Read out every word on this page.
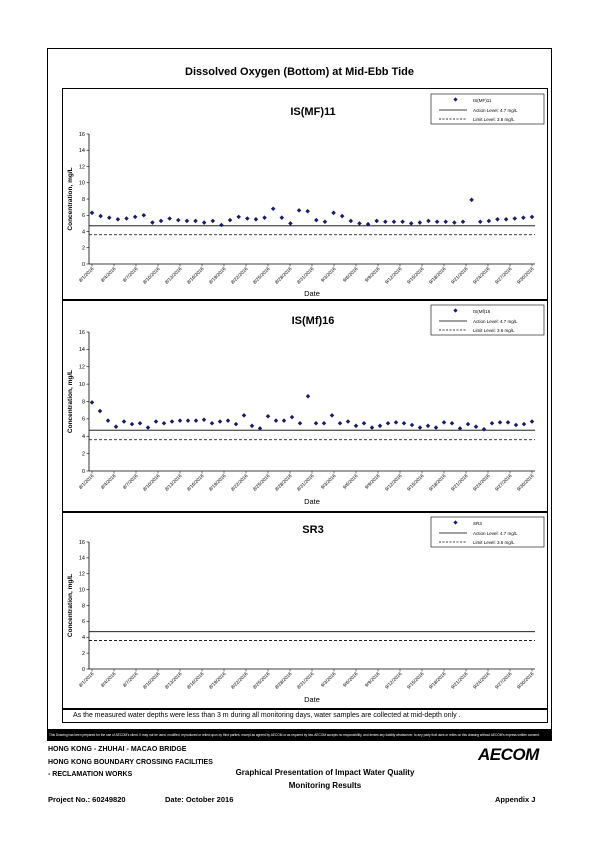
Dissolved Oxygen (Bottom) at Mid-Ebb Tide
IS(MF)11
IS(MF)11
Action Level: 4.7 mg/L
Limit Level: 3.6 mg/L
0
2
4
6
8
10
12
14
16
Concentration, mg/L
8/1/2016 8/4/2016 8/7/2016 8/10/2016 8/13/2016 8/16/2016 8/19/2016 8/22/2016 8/25/2016 8/28/2016 8/31/2016 9/3/2016 9/6/2016 9/9/2016 9/12/2016 9/15/2016 9/18/2016 9/21/2016 9/24/2016 9/27/2016 9/30/2016
Date
IS(Mf)16
IS(Mf)16
Action Level: 4.7 mg/L
Limit Level: 3.6 mg/L
0
2
4
6
8
10
12
14
16
Concentration, mg/L
8/1/2016 8/4/2016 8/7/2016 8/10/2016 8/13/2016 8/16/2016 8/19/2016 8/22/2016 8/25/2016 8/28/2016 8/31/2016 9/3/2016 9/6/2016 9/9/2016 9/12/2016 9/15/2016 9/18/2016 9/21/2016 9/24/2016 9/27/2016 9/30/2016
Date
SR3
SR3
Action Level: 4.7 mg/L
Limit Level: 3.6 mg/L
0
2
4
6
8
10
12
14
16
Concentration, mg/L
8/1/2016 8/4/2016 8/7/2016 8/10/2016 8/13/2016 8/16/2016 8/19/2016 8/22/2016 8/25/2016 8/28/2016 8/31/2016 9/3/2016 9/6/2016 9/9/2016 9/12/2016 9/15/2016 9/18/2016 9/21/2016 9/24/2016 9/27/2016 9/30/2016
Date
As the measured water depths were less than 3 m during all monitoring days, water samples are collected at mid-depth only .
This Drawing has been prepared for the use of AECOM's client. It may not be used, modified, reproduced or relied upon by third parties, except as agreed by AECOM or as required by law. AECOM accepts no responsibility, and denies any liability whatsoever, to any party that uses or relies on this drawing without AECOM's express written consent.
HONG KONG - ZHUHAI - MACAO BRIDGE
HONG KONG BOUNDARY CROSSING FACILITIES
- RECLAMATION WORKS	Graphical Presentation of Impact Water Quality
Monitoring Results
Project No.: 60249820	Date: October 2016	Appendix J
AECOM
